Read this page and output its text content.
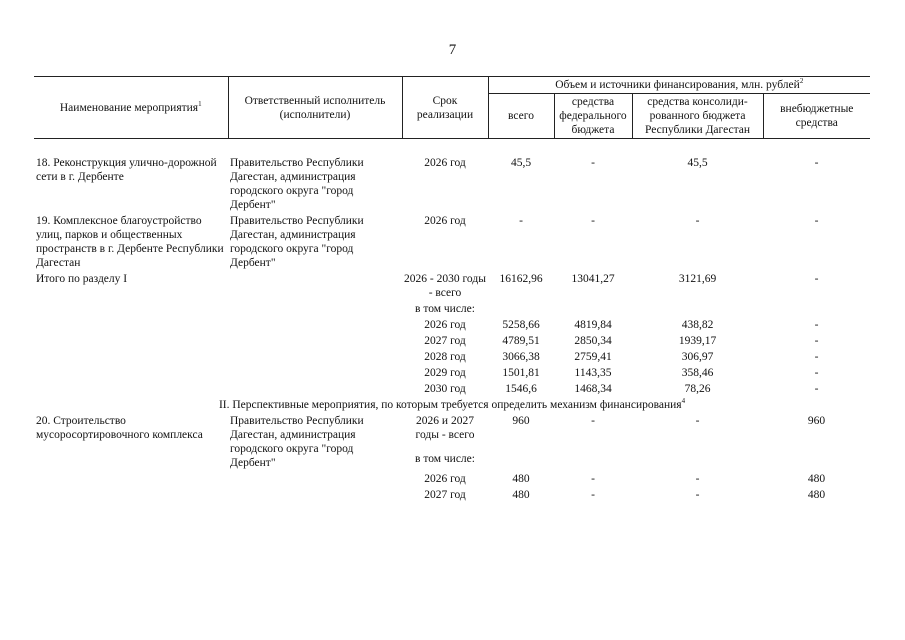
7
Наименование мероприятия$^1$	Ответственный исполнитель (исполнители)	Срок реализации	Объем и источники финансирования, млн. рублей$^2$
			всего	средства федерального бюджета	средства консолиди-рованного бюджета Республики Дагестан	внебюджетные средства

18. Реконструкция улично-дорожной сети в г. Дербенте	Правительство Республики Дагестан, администрация городского округа "город Дербент"	2026 год	45,5	-	45,5	-
19. Комплексное благоустройство улиц, парков и общественных пространств в г. Дербенте Республики Дагестан	Правительство Республики Дагестан, администрация городского округа "город Дербент"	2026 год	-	-	-	-
Итого по разделу I		2026 - 2030 годы - всего	16162,96	13041,27	3121,69	-
		в том числе:				
		2026 год	5258,66	4819,84	438,82	-
		2027 год	4789,51	2850,34	1939,17	-
		2028 год	3066,38	2759,41	306,97	-
		2029 год	1501,81	1143,35	358,46	-
		2030 год	1546,6	1468,34	78,26	-
II. Перспективные мероприятия, по которым требуется определить механизм финансирования$^4$
20. Строительство мусоросортировочного комплекса	Правительство Республики Дагестан, администрация городского округа "город Дербент"	2026 и 2027 годы - всего	960	-	-	960
		в том числе:				
		2026 год	480	-	-	480
		2027 год	480	-	-	480
